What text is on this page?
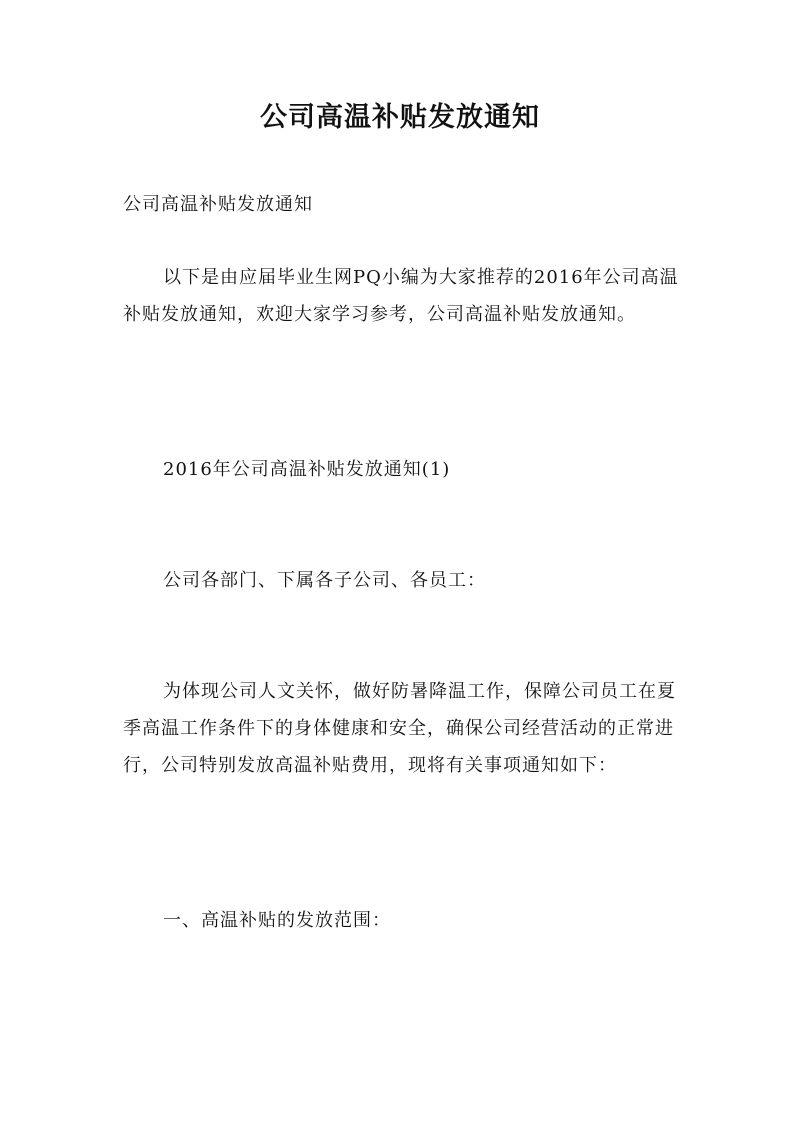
公司高温补贴发放通知

公司高温补贴发放通知

以下是由应届毕业生网PQ小编为大家推荐的2016年公司高温补贴发放通知，欢迎大家学习参考，公司高温补贴发放通知。

2016年公司高温补贴发放通知(1)

公司各部门、下属各子公司、各员工：

为体现公司人文关怀，做好防暑降温工作，保障公司员工在夏季高温工作条件下的身体健康和安全，确保公司经营活动的正常进行，公司特别发放高温补贴费用，现将有关事项通知如下：

一、高温补贴的发放范围：
